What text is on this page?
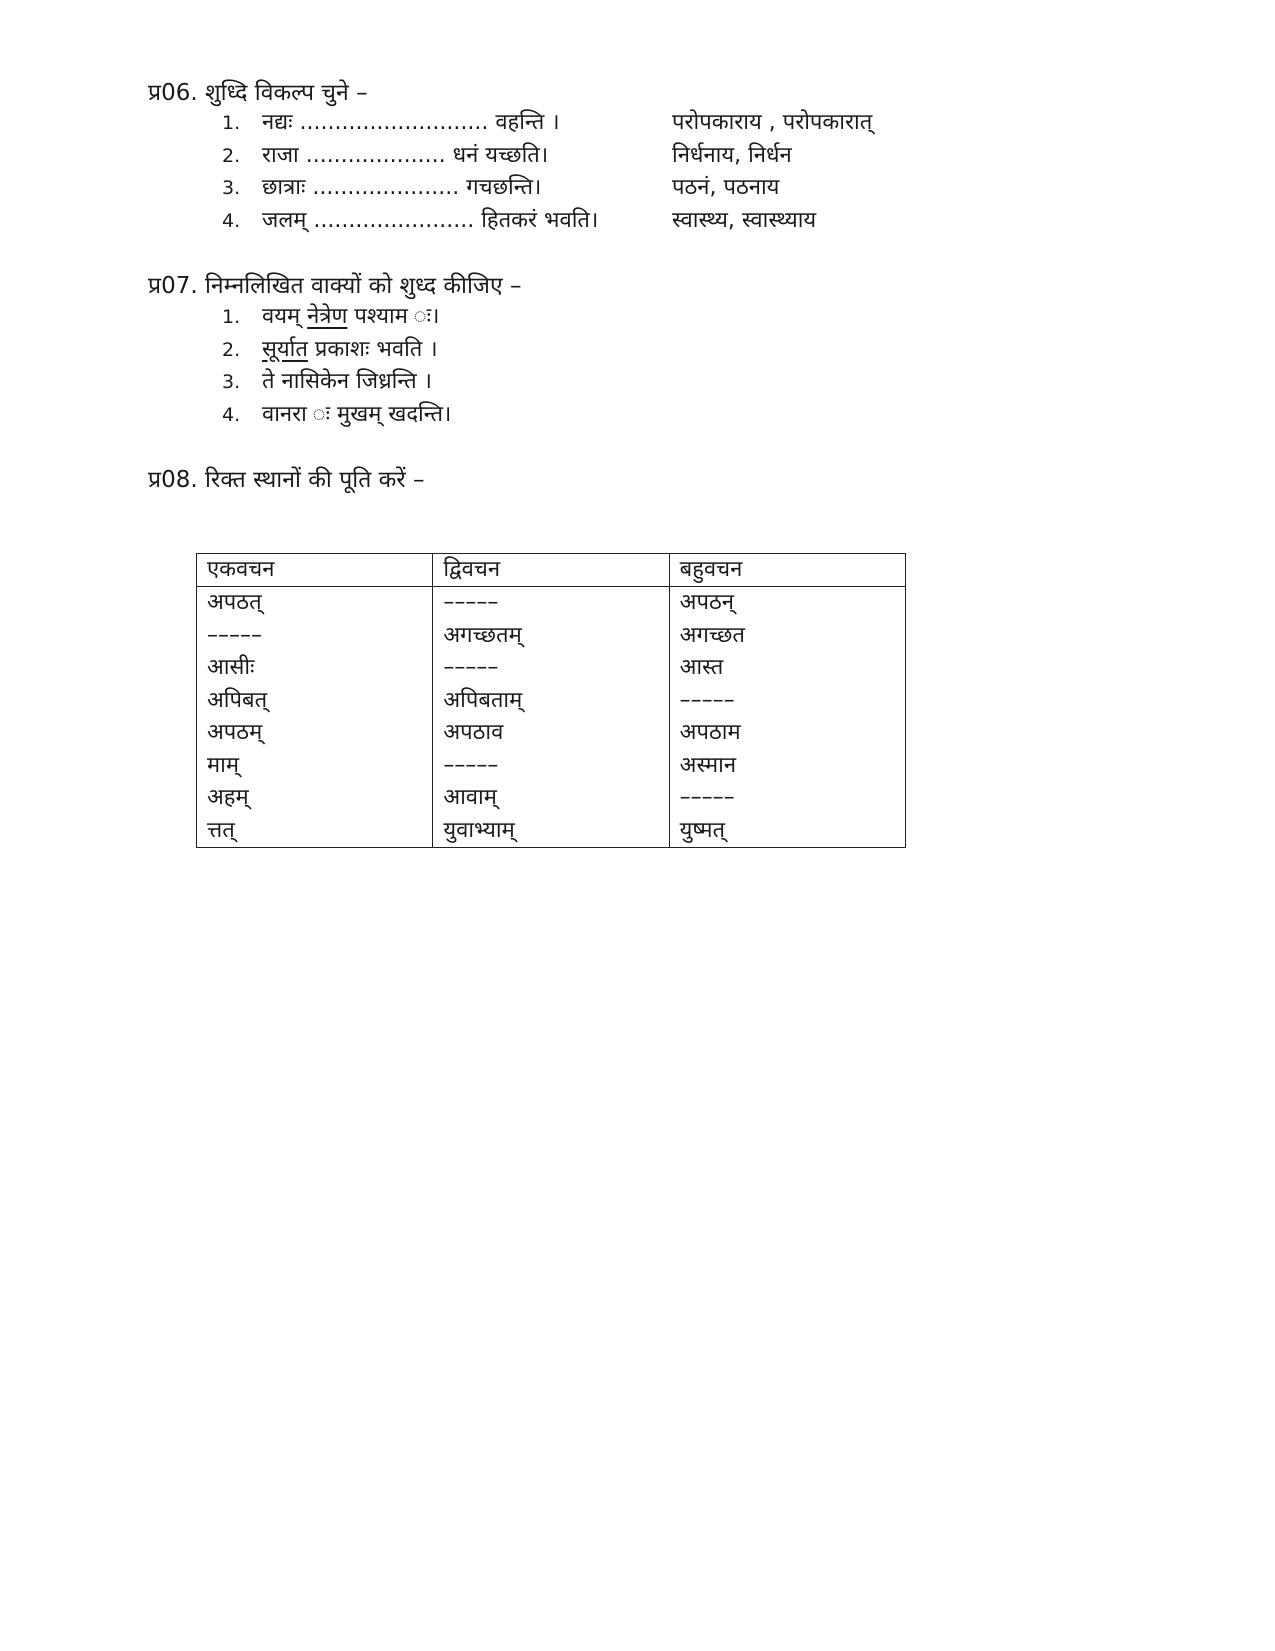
प्र06. शुध्दि विकल्प चुने –
1. नद्यः ........................... वहन्ति ।	परोपकाराय , परोपकारात्
2. राजा .................... धनं यच्छति।	निर्धनाय, निर्धन
3. छात्राः ..................... गचछन्ति।	पठनं, पठनाय
4. जलम् ....................... हितकरं भवति।	स्वास्थ्य, स्वास्थ्याय
प्र07. निम्नलिखित वाक्यों को शुध्द कीजिए –
1. वयम् नेत्रेण पश्याम ः।
2. सूर्यात प्रकाशः भवति ।
3. ते नासिकेन जिध्रन्ति ।
4. वानरा ः मुखम् खदन्ति।
प्र08. रिक्त स्थानों की पूति करें –
एकवचन	द्विवचन	बहुवचन
अपठत्	–––––	अपठन्
–––––	अगच्छतम्	अगच्छत
आसीः	–––––	आस्त
अपिबत्	अपिबताम्	–––––
अपठम्	अपठाव	अपठाम
माम्	–––––	अस्मान
अहम्	आवाम्	–––––
त्तत्	युवाभ्याम्	युष्मत्
